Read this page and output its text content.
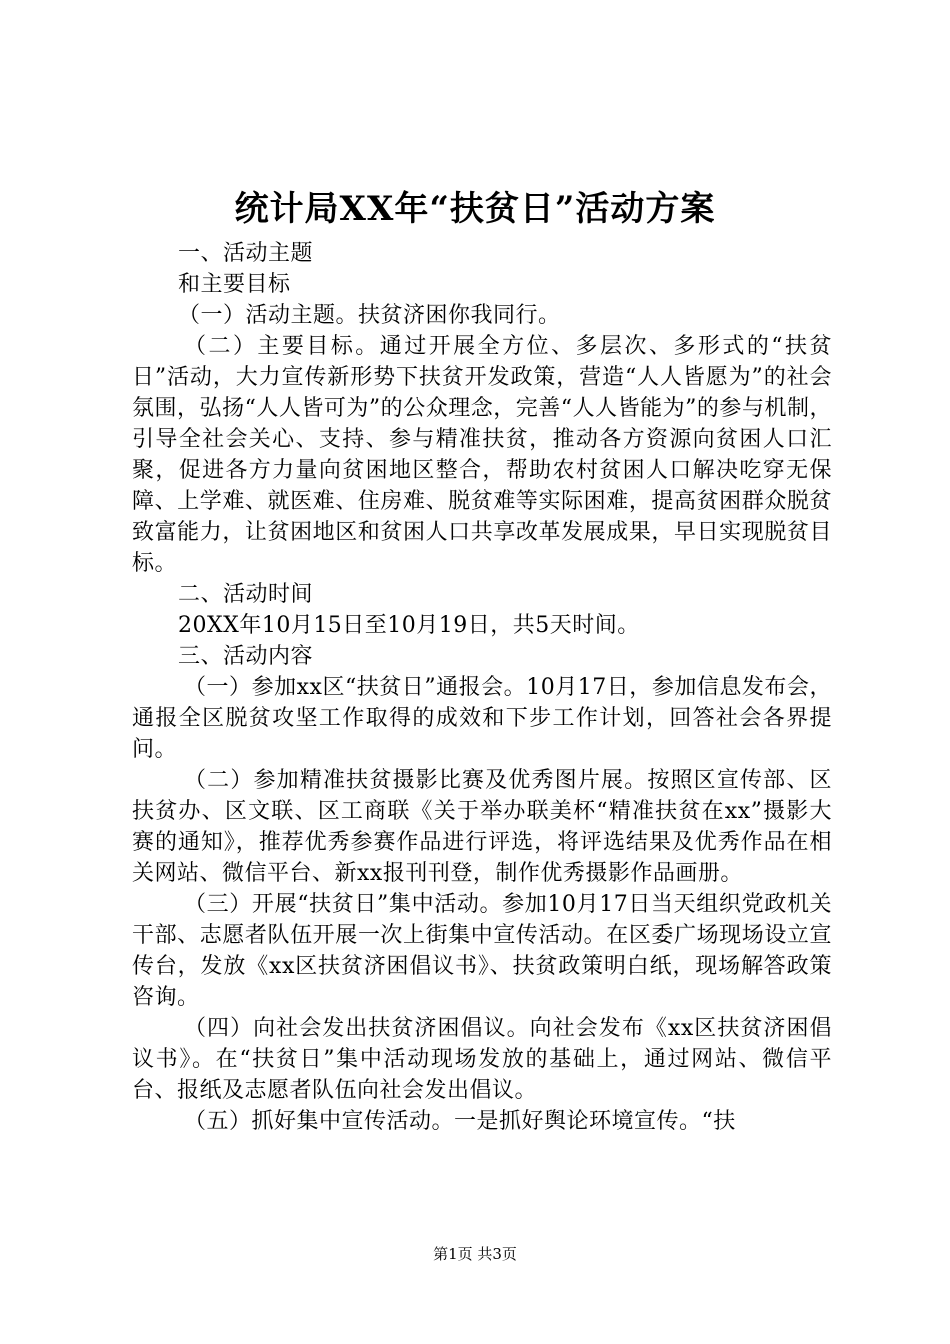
统计局XX年“扶贫日”活动方案

一、活动主题

和主要目标

（一）活动主题。扶贫济困你我同行。

（二）主要目标。通过开展全方位、多层次、多形式的“扶贫日”活动，大力宣传新形势下扶贫开发政策，营造“人人皆愿为”的社会氛围，弘扬“人人皆可为”的公众理念，完善“人人皆能为”的参与机制，引导全社会关心、支持、参与精准扶贫，推动各方资源向贫困人口汇聚，促进各方力量向贫困地区整合，帮助农村贫困人口解决吃穿无保障、上学难、就医难、住房难、脱贫难等实际困难，提高贫困群众脱贫致富能力，让贫困地区和贫困人口共享改革发展成果，早日实现脱贫目标。

二、活动时间

20XX年10月15日至10月19日，共5天时间。

三、活动内容

（一）参加xx区“扶贫日”通报会。10月17日，参加信息发布会，通报全区脱贫攻坚工作取得的成效和下步工作计划，回答社会各界提问。

（二）参加精准扶贫摄影比赛及优秀图片展。按照区宣传部、区扶贫办、区文联、区工商联《关于举办联美杯“精准扶贫在xx”摄影大赛的通知》，推荐优秀参赛作品进行评选，将评选结果及优秀作品在相关网站、微信平台、新xx报刊刊登，制作优秀摄影作品画册。

（三）开展“扶贫日”集中活动。参加10月17日当天组织党政机关干部、志愿者队伍开展一次上街集中宣传活动。在区委广场现场设立宣传台，发放《xx区扶贫济困倡议书》、扶贫政策明白纸，现场解答政策咨询。

（四）向社会发出扶贫济困倡议。向社会发布《xx区扶贫济困倡议书》。在“扶贫日”集中活动现场发放的基础上，通过网站、微信平台、报纸及志愿者队伍向社会发出倡议。

（五）抓好集中宣传活动。一是抓好舆论环境宣传。“扶

第1页 共3页
